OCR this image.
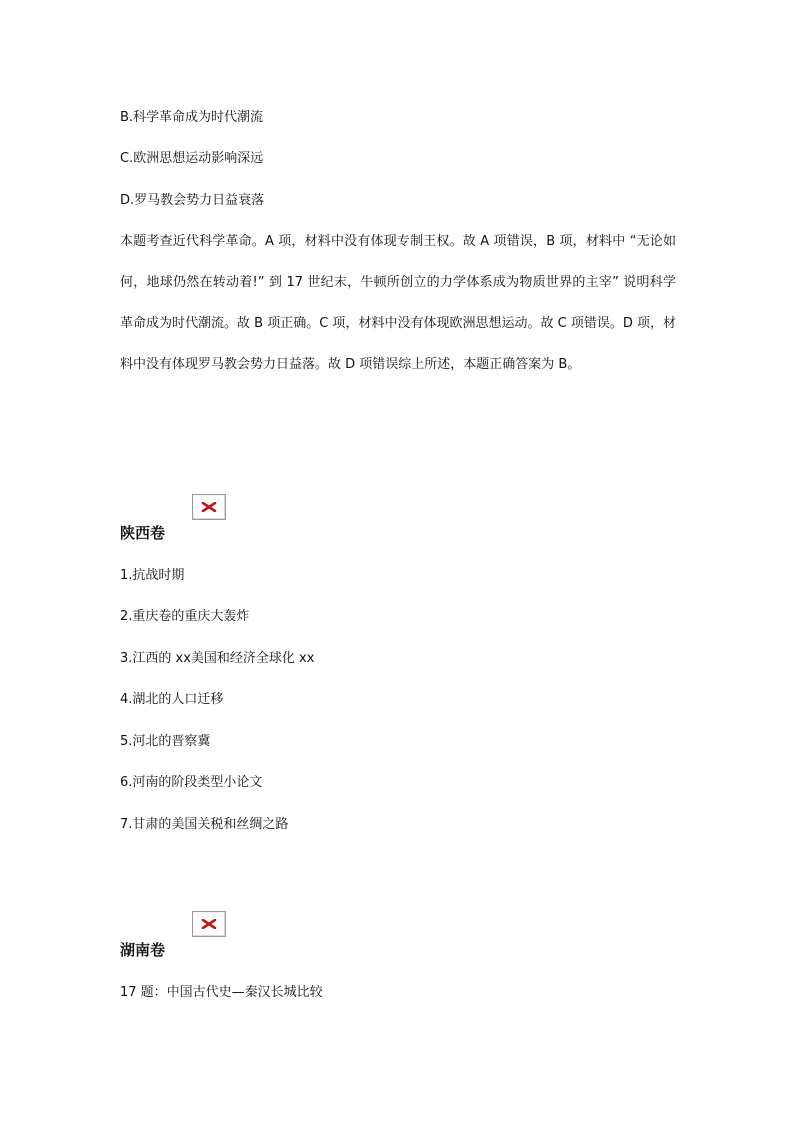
B.科学革命成为时代潮流
C.欧洲思想运动影响深远
D.罗马教会势力日益衰落
本题考查近代科学革命。A 项，材料中没有体现专制王权。故 A 项错误，B 项，材料中 “无论如何，地球仍然在转动着!” 到 17 世纪末，牛顿所创立的力学体系成为物质世界的主宰” 说明科学革命成为时代潮流。故 B 项正确。C 项，材料中没有体现欧洲思想运动。故 C 项错误。D 项，材料中没有体现罗马教会势力日益落。故 D 项错误综上所述，本题正确答案为 B。
陕西卷
1.抗战时期
2.重庆卷的重庆大轰炸
3.江西的 xx美国和经济全球化 xx
4.湖北的人口迁移
5.河北的晋察冀
6.河南的阶段类型小论文
7.甘肃的美国关税和丝绸之路
湖南卷
17 题：中国古代史—秦汉长城比较
